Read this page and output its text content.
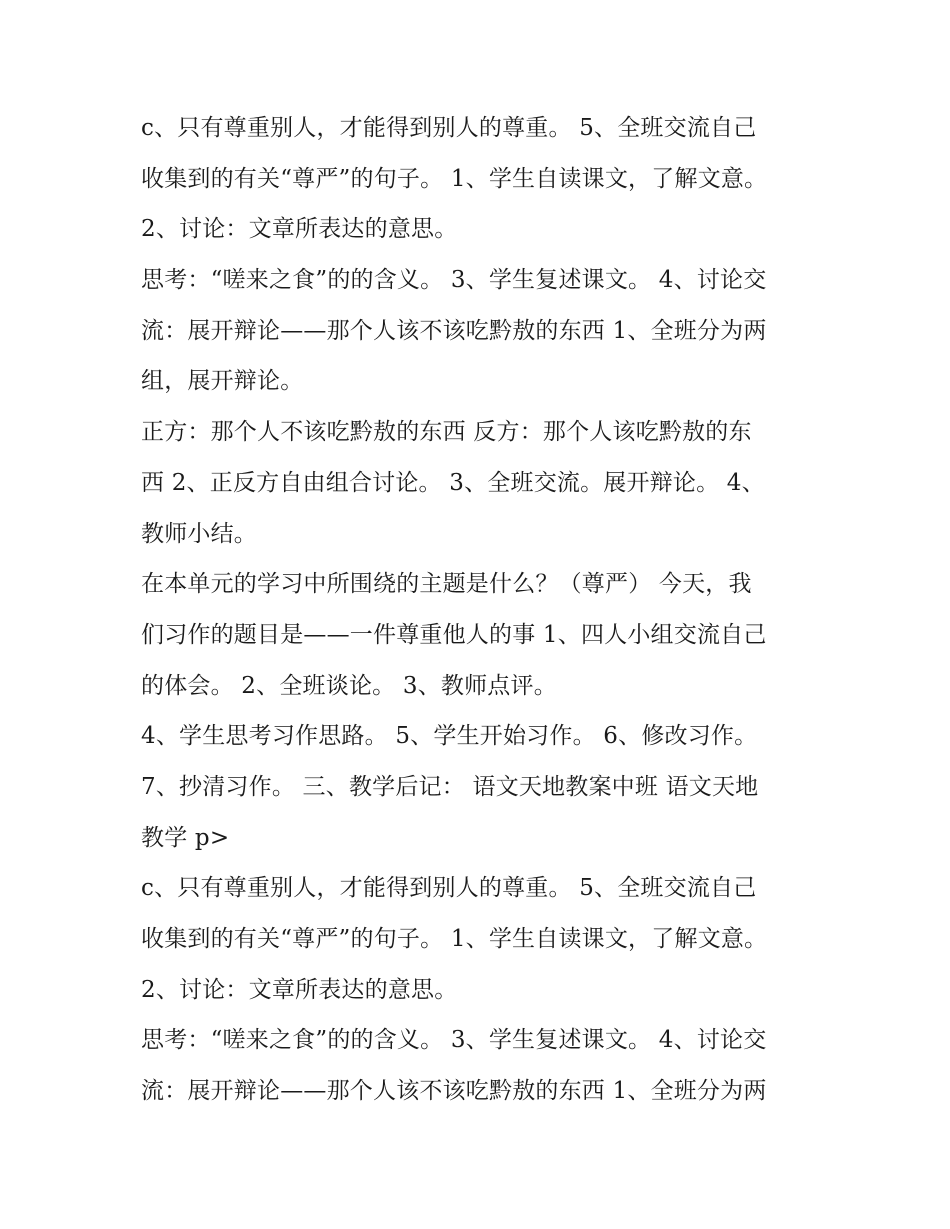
c、只有尊重别人，才能得到别人的尊重。 5、全班交流自己
收集到的有关“尊严”的句子。 1、学生自读课文，了解文意。
2、讨论：文章所表达的意思。
思考：“嗟来之食”的的含义。 3、学生复述课文。 4、讨论交
流：展开辩论——那个人该不该吃黔敖的东西 1、全班分为两
组，展开辩论。
正方：那个人不该吃黔敖的东西 反方：那个人该吃黔敖的东
西 2、正反方自由组合讨论。 3、全班交流。展开辩论。 4、
教师小结。
在本单元的学习中所围绕的主题是什么？（尊严） 今天，我
们习作的题目是——一件尊重他人的事 1、四人小组交流自己
的体会。 2、全班谈论。 3、教师点评。
4、学生思考习作思路。 5、学生开始习作。 6、修改习作。
7、抄清习作。 三、教学后记： 语文天地教案中班 语文天地
教学 p>
c、只有尊重别人，才能得到别人的尊重。 5、全班交流自己
收集到的有关“尊严”的句子。 1、学生自读课文，了解文意。
2、讨论：文章所表达的意思。
思考：“嗟来之食”的的含义。 3、学生复述课文。 4、讨论交
流：展开辩论——那个人该不该吃黔敖的东西 1、全班分为两
